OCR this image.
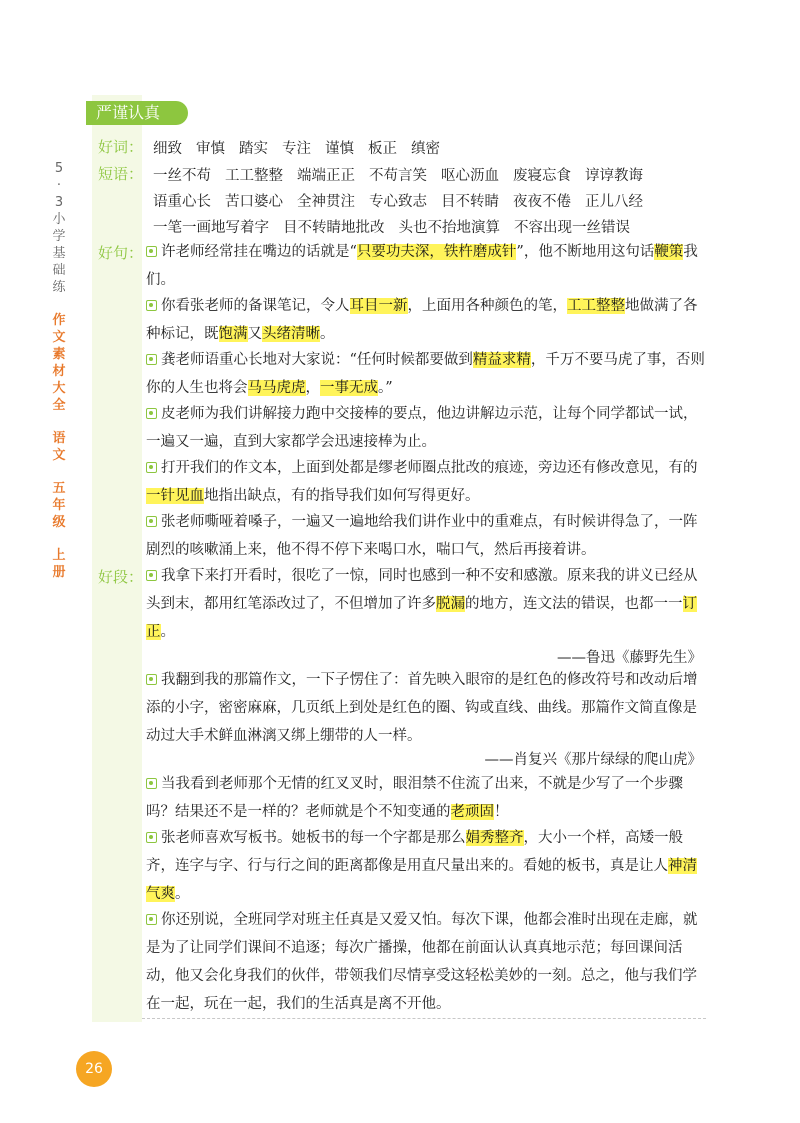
严谨认真
5
·
3
小
学
基
础
练
作
文
素
材
大
全
语
文
五
年
级
上
册
好词： 细致 审慎 踏实 专注 谨慎 板正 缜密
短语： 一丝不苟 工工整整 端端正正 不苟言笑 呕心沥血 废寝忘食 谆谆教诲
语重心长 苦口婆心 全神贯注 专心致志 目不转睛 夜夜不倦 正儿八经
一笔一画地写着字 目不转睛地批改 头也不抬地演算 不容出现一丝错误
好句：	许老师经常挂在嘴边的话就是“只要功夫深，铁杵磨成针”，他不断地用这句话鞭策我们。
你看张老师的备课笔记，令人耳目一新，上面用各种颜色的笔，工工整整地做满了各种标记，既饱满又头绪清晰。
龚老师语重心长地对大家说：“任何时候都要做到精益求精，千万不要马虎了事，否则你的人生也将会马马虎虎，一事无成。”
皮老师为我们讲解接力跑中交接棒的要点，他边讲解边示范，让每个同学都试一试，一遍又一遍，直到大家都学会迅速接棒为止。
打开我们的作文本，上面到处都是缪老师圈点批改的痕迹，旁边还有修改意见，有的一针见血地指出缺点，有的指导我们如何写得更好。
张老师嘶哑着嗓子，一遍又一遍地给我们讲作业中的重难点，有时候讲得急了，一阵剧烈的咳嗽涌上来，他不得不停下来喝口水，喘口气，然后再接着讲。
好段：	我拿下来打开看时，很吃了一惊，同时也感到一种不安和感激。原来我的讲义已经从头到末，都用红笔添改过了，不但增加了许多脱漏的地方，连文法的错误，也都一一订正。
——鲁迅《藤野先生》
我翻到我的那篇作文，一下子愣住了：首先映入眼帘的是红色的修改符号和改动后增添的小字，密密麻麻，几页纸上到处是红色的圈、钩或直线、曲线。那篇作文简直像是动过大手术鲜血淋漓又绑上绷带的人一样。
——肖复兴《那片绿绿的爬山虎》
当我看到老师那个无情的红叉叉时，眼泪禁不住流了出来，不就是少写了一个步骤吗？结果还不是一样的？老师就是个不知变通的老顽固！
张老师喜欢写板书。她板书的每一个字都是那么娟秀整齐，大小一个样，高矮一般齐，连字与字、行与行之间的距离都像是用直尺量出来的。看她的板书，真是让人神清气爽。
你还别说，全班同学对班主任真是又爱又怕。每次下课，他都会准时出现在走廊，就是为了让同学们课间不追逐；每次广播操，他都在前面认认真真地示范；每回课间活动，他又会化身我们的伙伴，带领我们尽情享受这轻松美妙的一刻。总之，他与我们学在一起，玩在一起，我们的生活真是离不开他。
26
